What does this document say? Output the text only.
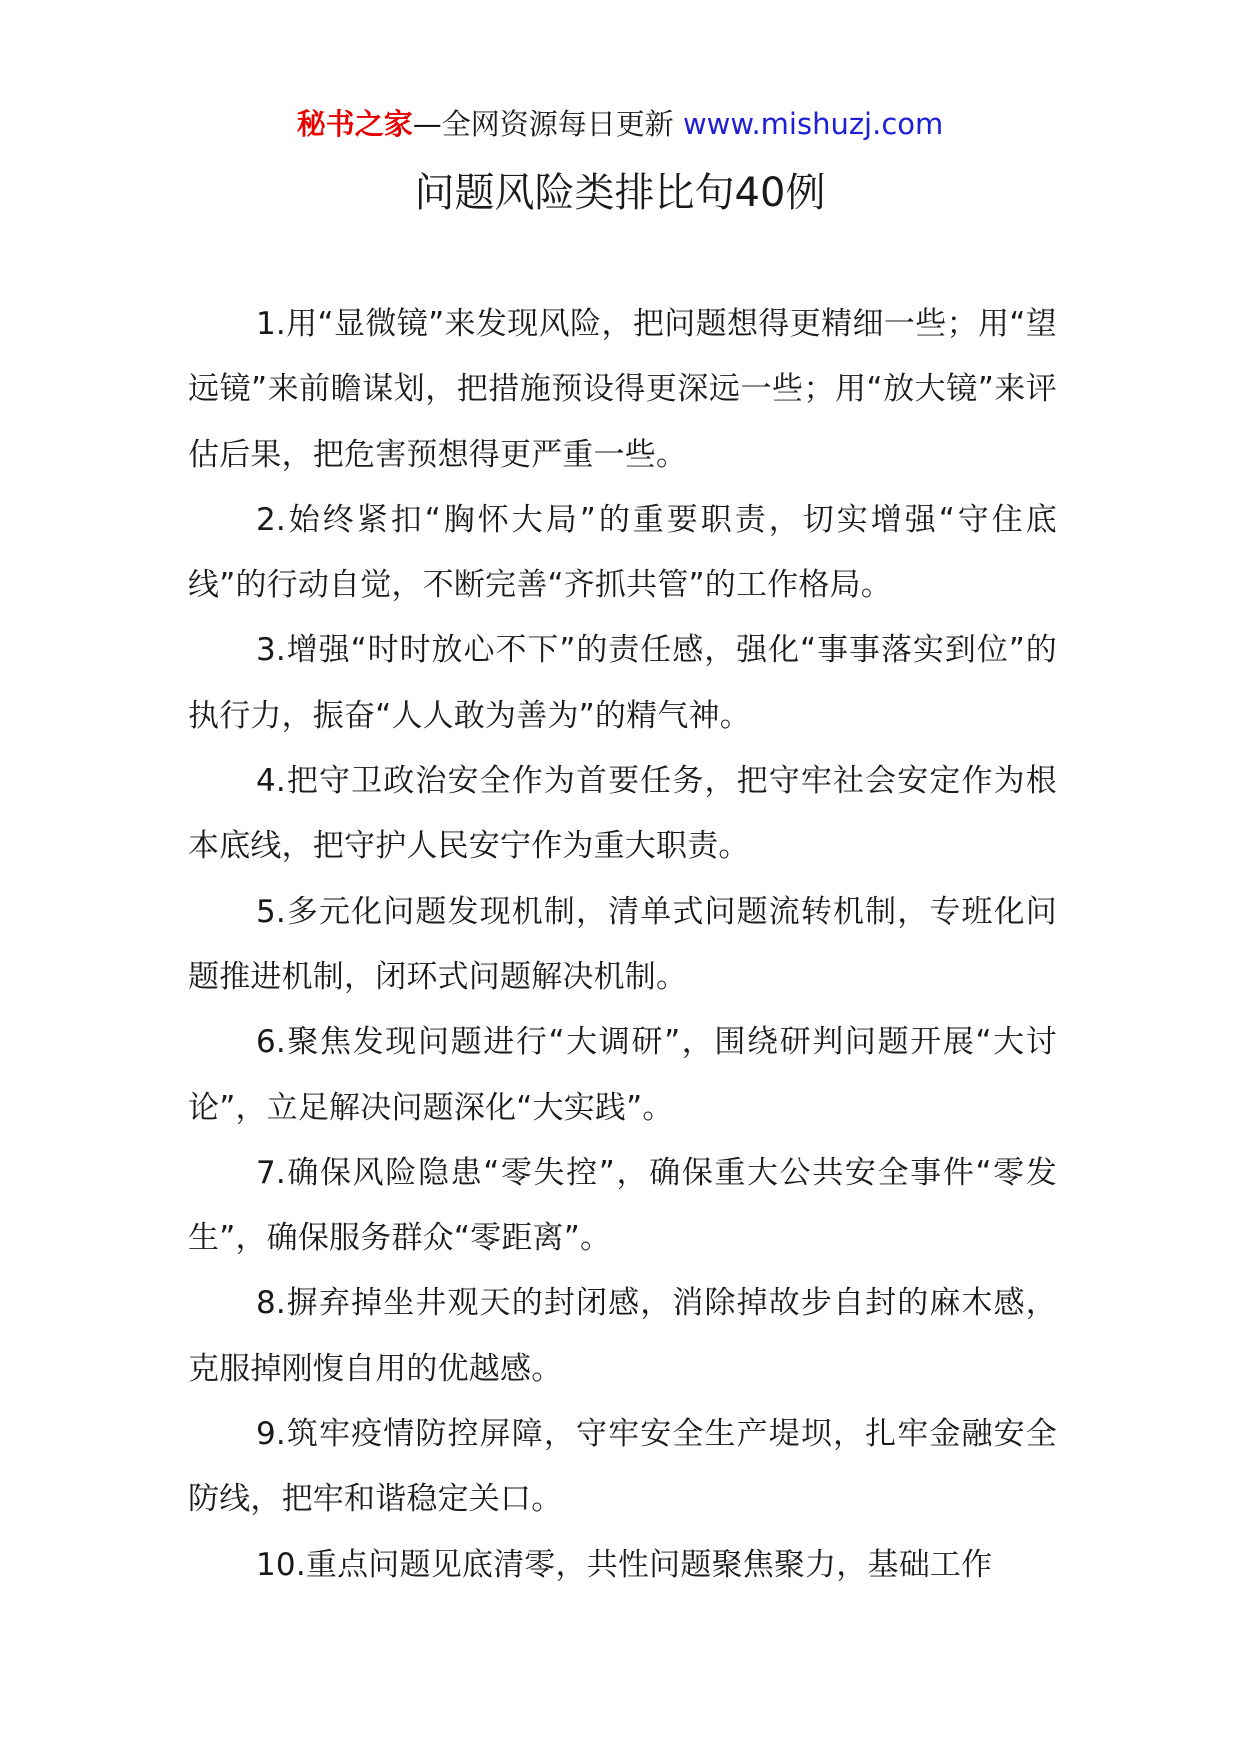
秘书之家—全网资源每日更新 www.mishuzj.com
问题风险类排比句40例

1.用“显微镜”来发现风险，把问题想得更精细一些；用“望远镜”来前瞻谋划，把措施预设得更深远一些；用“放大镜”来评估后果，把危害预想得更严重一些。

2.始终紧扣“胸怀大局”的重要职责，切实增强“守住底线”的行动自觉，不断完善“齐抓共管”的工作格局。

3.增强“时时放心不下”的责任感，强化“事事落实到位”的执行力，振奋“人人敢为善为”的精气神。

4.把守卫政治安全作为首要任务，把守牢社会安定作为根本底线，把守护人民安宁作为重大职责。

5.多元化问题发现机制，清单式问题流转机制，专班化问题推进机制，闭环式问题解决机制。

6.聚焦发现问题进行“大调研”，围绕研判问题开展“大讨论”，立足解决问题深化“大实践”。

7.确保风险隐患“零失控”，确保重大公共安全事件“零发生”，确保服务群众“零距离”。

8.摒弃掉坐井观天的封闭感，消除掉故步自封的麻木感，克服掉刚愎自用的优越感。

9.筑牢疫情防控屏障，守牢安全生产堤坝，扎牢金融安全防线，把牢和谐稳定关口。

10.重点问题见底清零，共性问题聚焦聚力，基础工作
